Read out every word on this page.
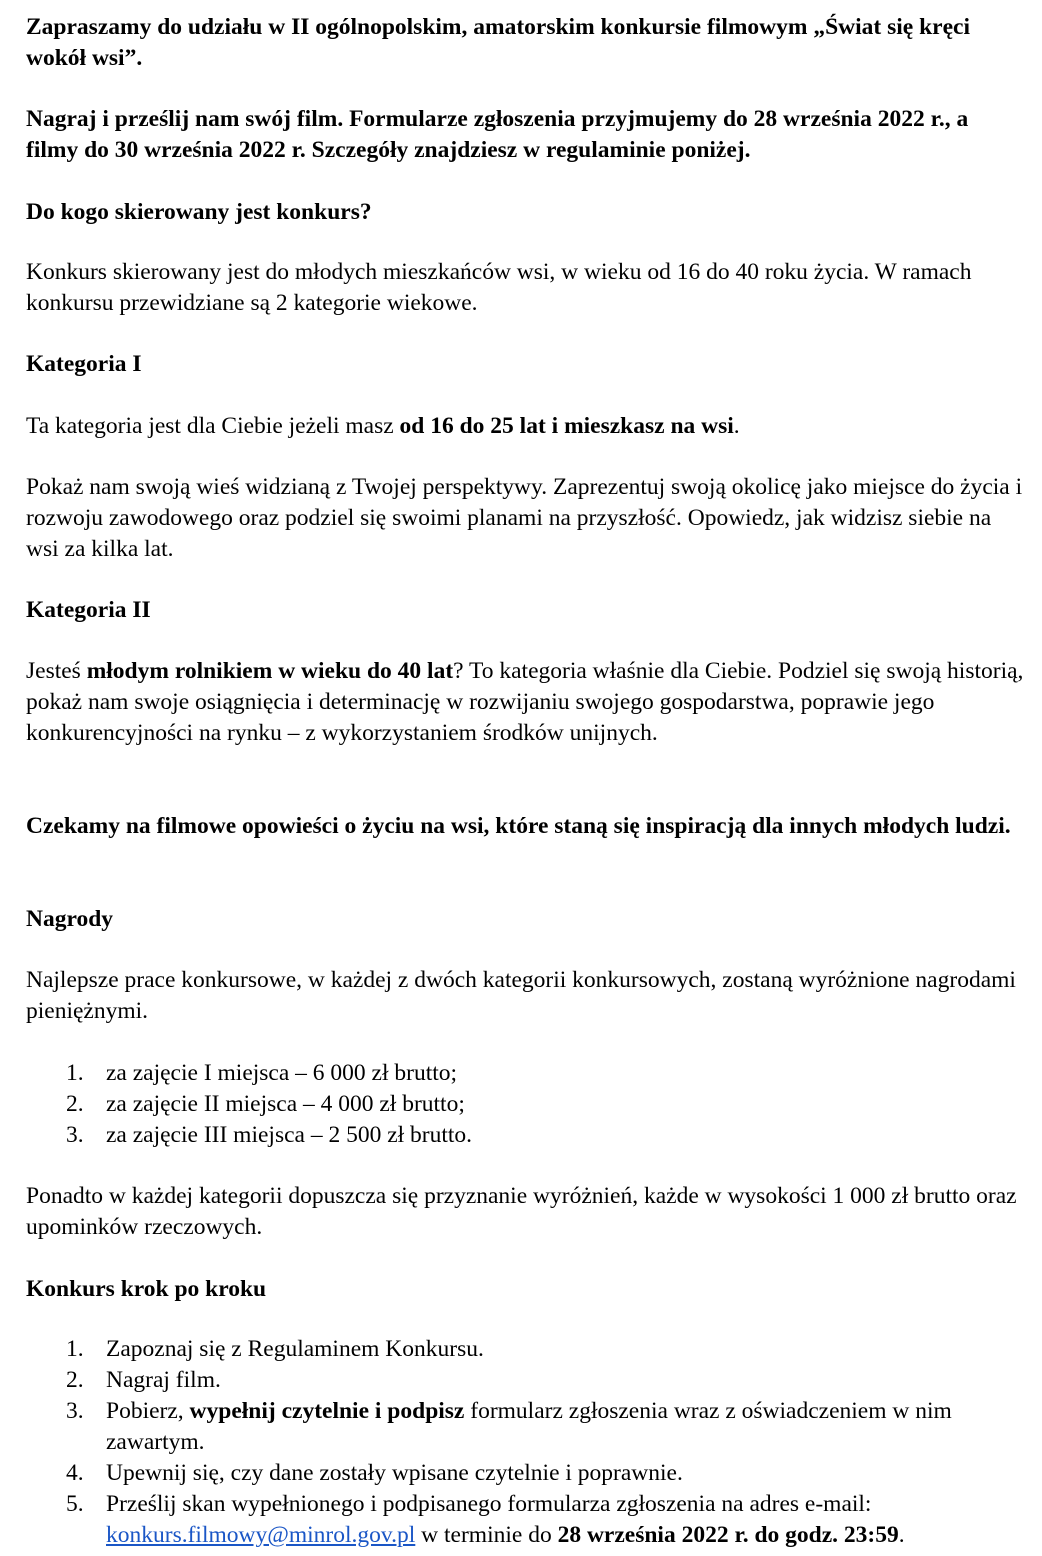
Zapraszamy do udziału w II ogólnopolskim, amatorskim konkursie filmowym „Świat się kręci wokół wsi”.

Nagraj i prześlij nam swój film. Formularze zgłoszenia przyjmujemy do 28 września 2022 r., a filmy do 30 września 2022 r. Szczegóły znajdziesz w regulaminie poniżej.

Do kogo skierowany jest konkurs?

Konkurs skierowany jest do młodych mieszkańców wsi, w wieku od 16 do 40 roku życia. W ramach konkursu przewidziane są 2 kategorie wiekowe.

Kategoria I

Ta kategoria jest dla Ciebie jeżeli masz od 16 do 25 lat i mieszkasz na wsi.

Pokaż nam swoją wieś widzianą z Twojej perspektywy. Zaprezentuj swoją okolicę jako miejsce do życia i rozwoju zawodowego oraz podziel się swoimi planami na przyszłość. Opowiedz, jak widzisz siebie na wsi za kilka lat.

Kategoria II

Jesteś młodym rolnikiem w wieku do 40 lat? To kategoria właśnie dla Ciebie. Podziel się swoją historią, pokaż nam swoje osiągnięcia i determinację w rozwijaniu swojego gospodarstwa, poprawie jego konkurencyjności na rynku – z wykorzystaniem środków unijnych.

Czekamy na filmowe opowieści o życiu na wsi, które staną się inspiracją dla innych młodych ludzi.

Nagrody

Najlepsze prace konkursowe, w każdej z dwóch kategorii konkursowych, zostaną wyróżnione nagrodami pieniężnymi.

1. za zajęcie I miejsca – 6 000 zł brutto;
2. za zajęcie II miejsca – 4 000 zł brutto;
3. za zajęcie III miejsca – 2 500 zł brutto.

Ponadto w każdej kategorii dopuszcza się przyznanie wyróżnień, każde w wysokości 1 000 zł brutto oraz upominków rzeczowych.

Konkurs krok po kroku

1. Zapoznaj się z Regulaminem Konkursu.
2. Nagraj film.
3. Pobierz, wypełnij czytelnie i podpisz formularz zgłoszenia wraz z oświadczeniem w nim zawartym.
4. Upewnij się, czy dane zostały wpisane czytelnie i poprawnie.
5. Prześlij skan wypełnionego i podpisanego formularza zgłoszenia na adres e-mail: konkurs.filmowy@minrol.gov.pl w terminie do 28 września 2022 r. do godz. 23:59.
